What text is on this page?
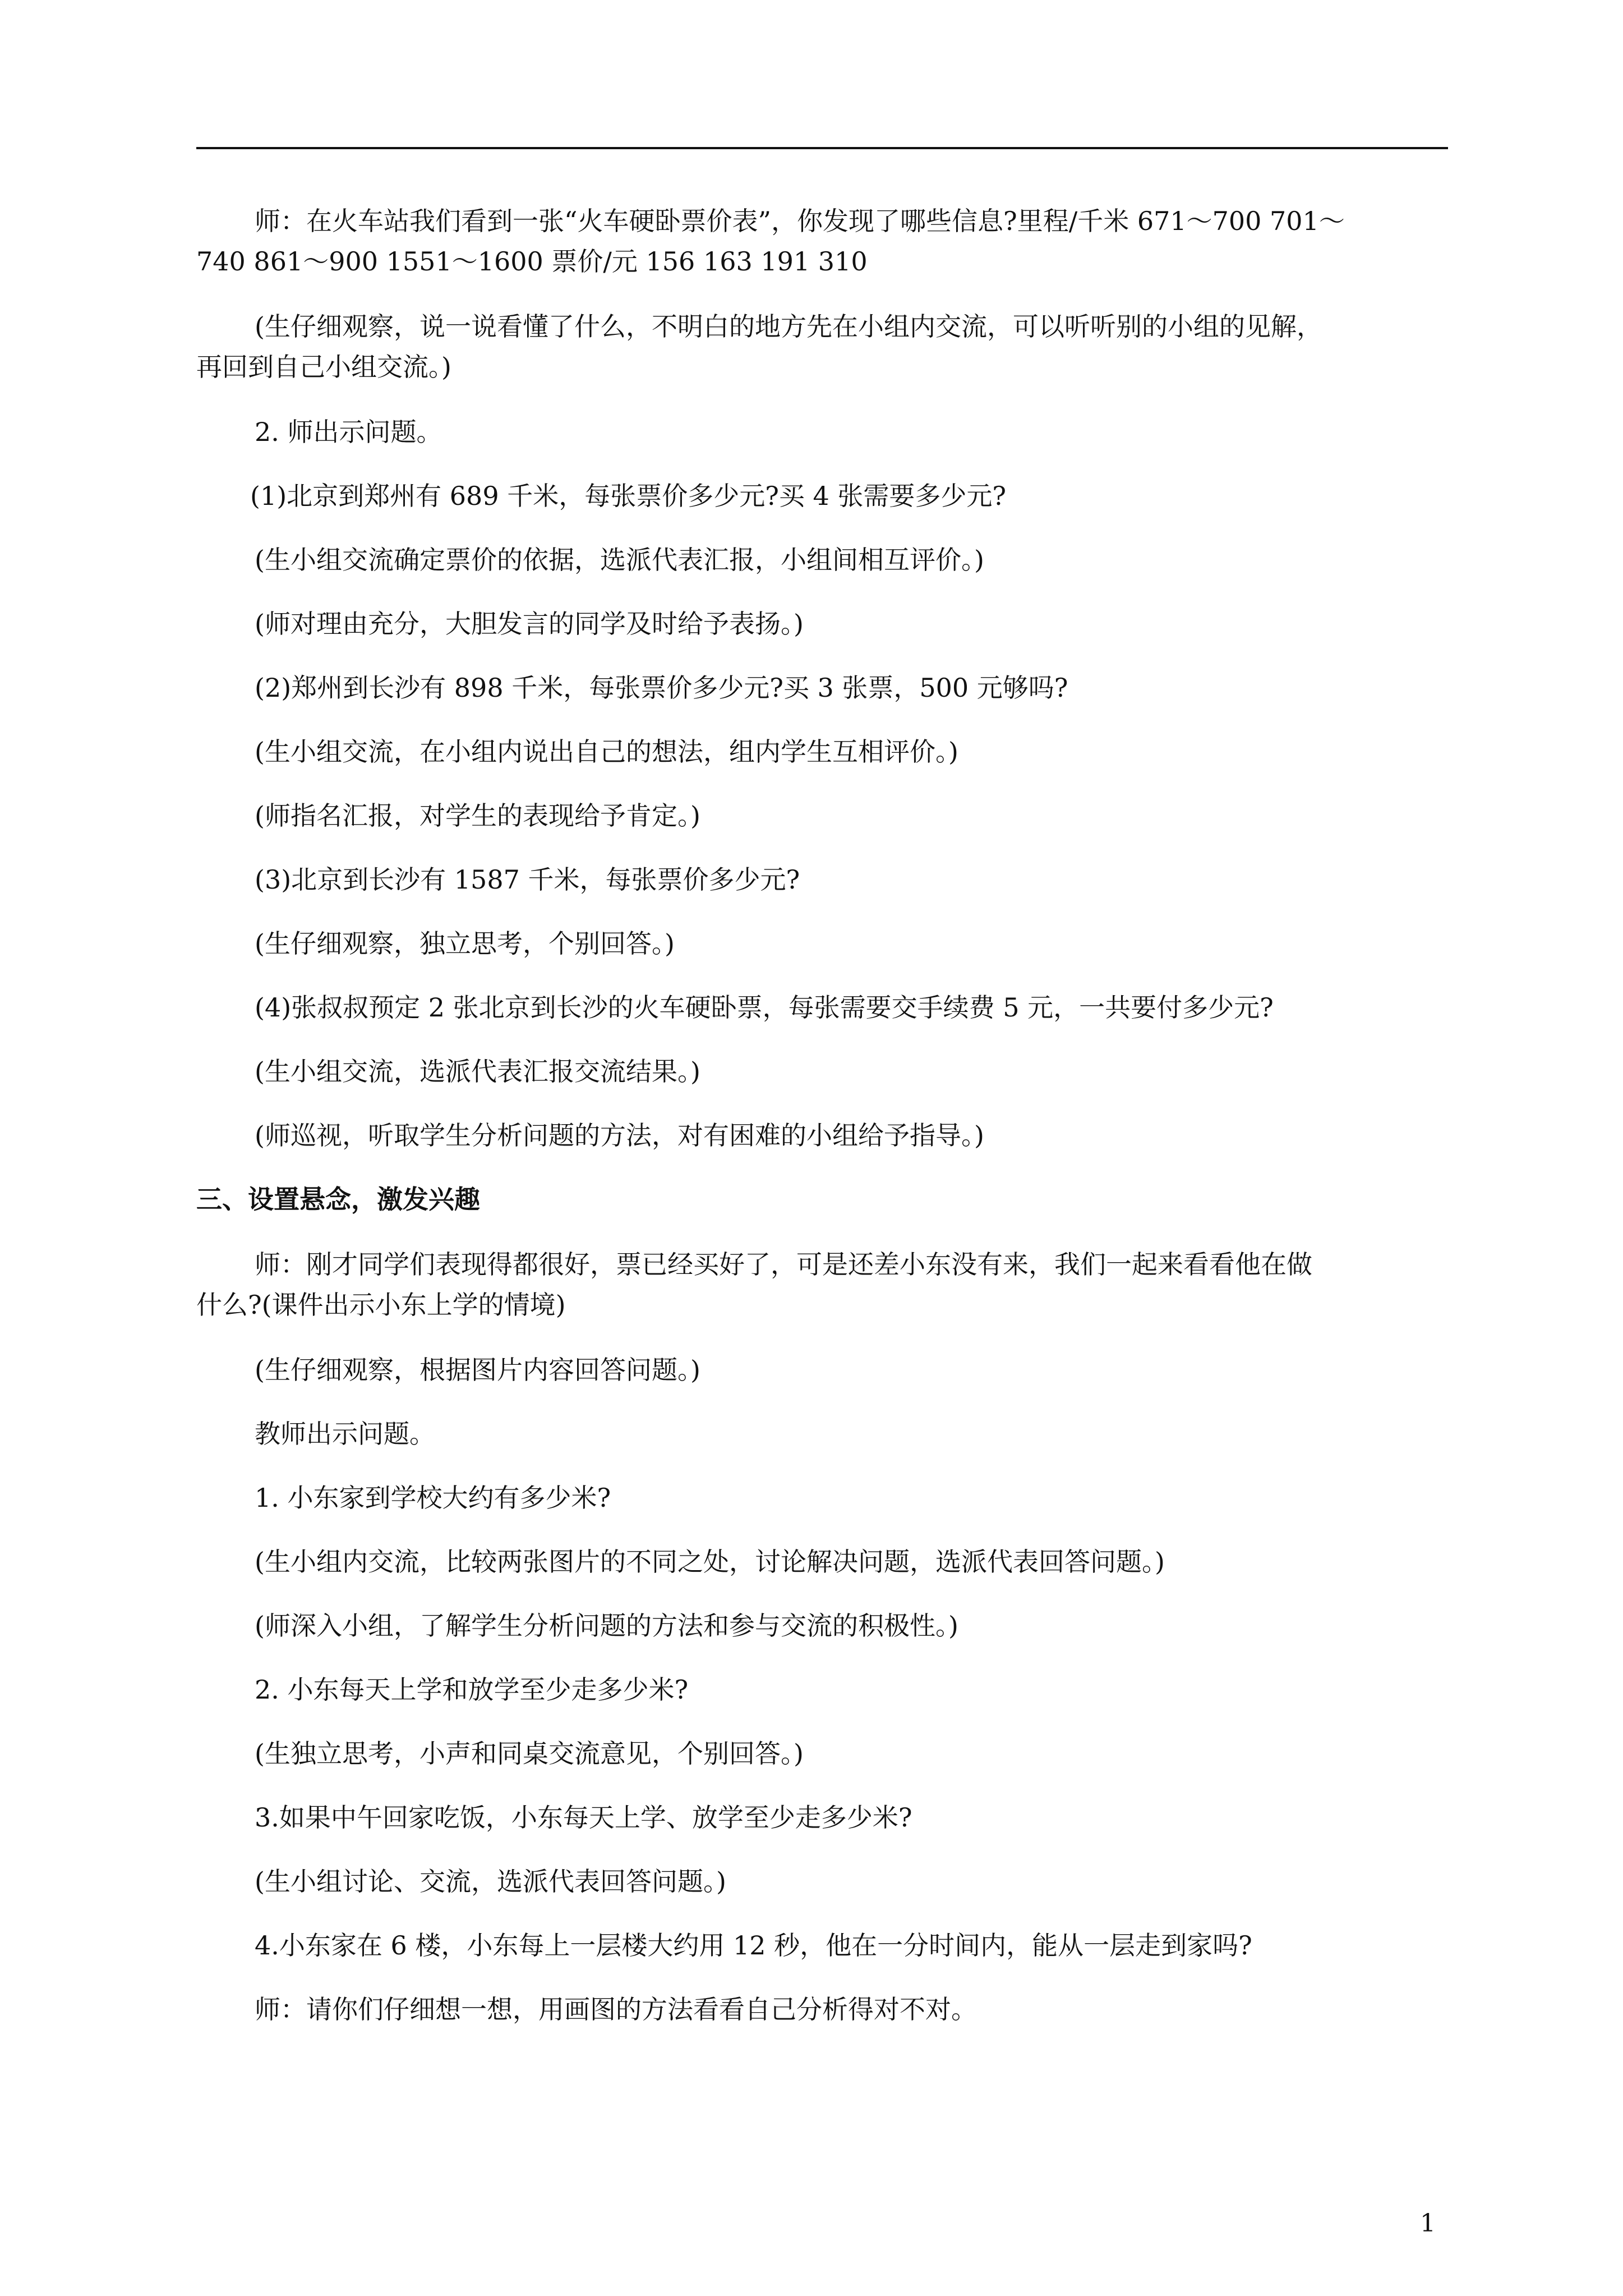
师：在火车站我们看到一张“火车硬卧票价表”，你发现了哪些信息?里程/千米 671～700 701～
740 861～900 1551～1600 票价/元 156 163 191 310
(生仔细观察，说一说看懂了什么，不明白的地方先在小组内交流，可以听听别的小组的见解，
再回到自己小组交流。)
2. 师出示问题。
(1)北京到郑州有 689 千米，每张票价多少元?买 4 张需要多少元?
(生小组交流确定票价的依据，选派代表汇报，小组间相互评价。)
(师对理由充分，大胆发言的同学及时给予表扬。)
(2)郑州到长沙有 898 千米，每张票价多少元?买 3 张票，500 元够吗?
(生小组交流，在小组内说出自己的想法，组内学生互相评价。)
(师指名汇报，对学生的表现给予肯定。)
(3)北京到长沙有 1587 千米，每张票价多少元?
(生仔细观察，独立思考，个别回答。)
(4)张叔叔预定 2 张北京到长沙的火车硬卧票，每张需要交手续费 5 元，一共要付多少元?
(生小组交流，选派代表汇报交流结果。)
(师巡视，听取学生分析问题的方法，对有困难的小组给予指导。)
三、设置悬念，激发兴趣
师：刚才同学们表现得都很好，票已经买好了，可是还差小东没有来，我们一起来看看他在做
什么?(课件出示小东上学的情境)
(生仔细观察，根据图片内容回答问题。)
教师出示问题。
1. 小东家到学校大约有多少米?
(生小组内交流，比较两张图片的不同之处，讨论解决问题，选派代表回答问题。)
(师深入小组，了解学生分析问题的方法和参与交流的积极性。)
2. 小东每天上学和放学至少走多少米?
(生独立思考，小声和同桌交流意见，个别回答。)
3.如果中午回家吃饭，小东每天上学、放学至少走多少米?
(生小组讨论、交流，选派代表回答问题。)
4.小东家在 6 楼，小东每上一层楼大约用 12 秒，他在一分时间内，能从一层走到家吗?
师：请你们仔细想一想，用画图的方法看看自己分析得对不对。
1
